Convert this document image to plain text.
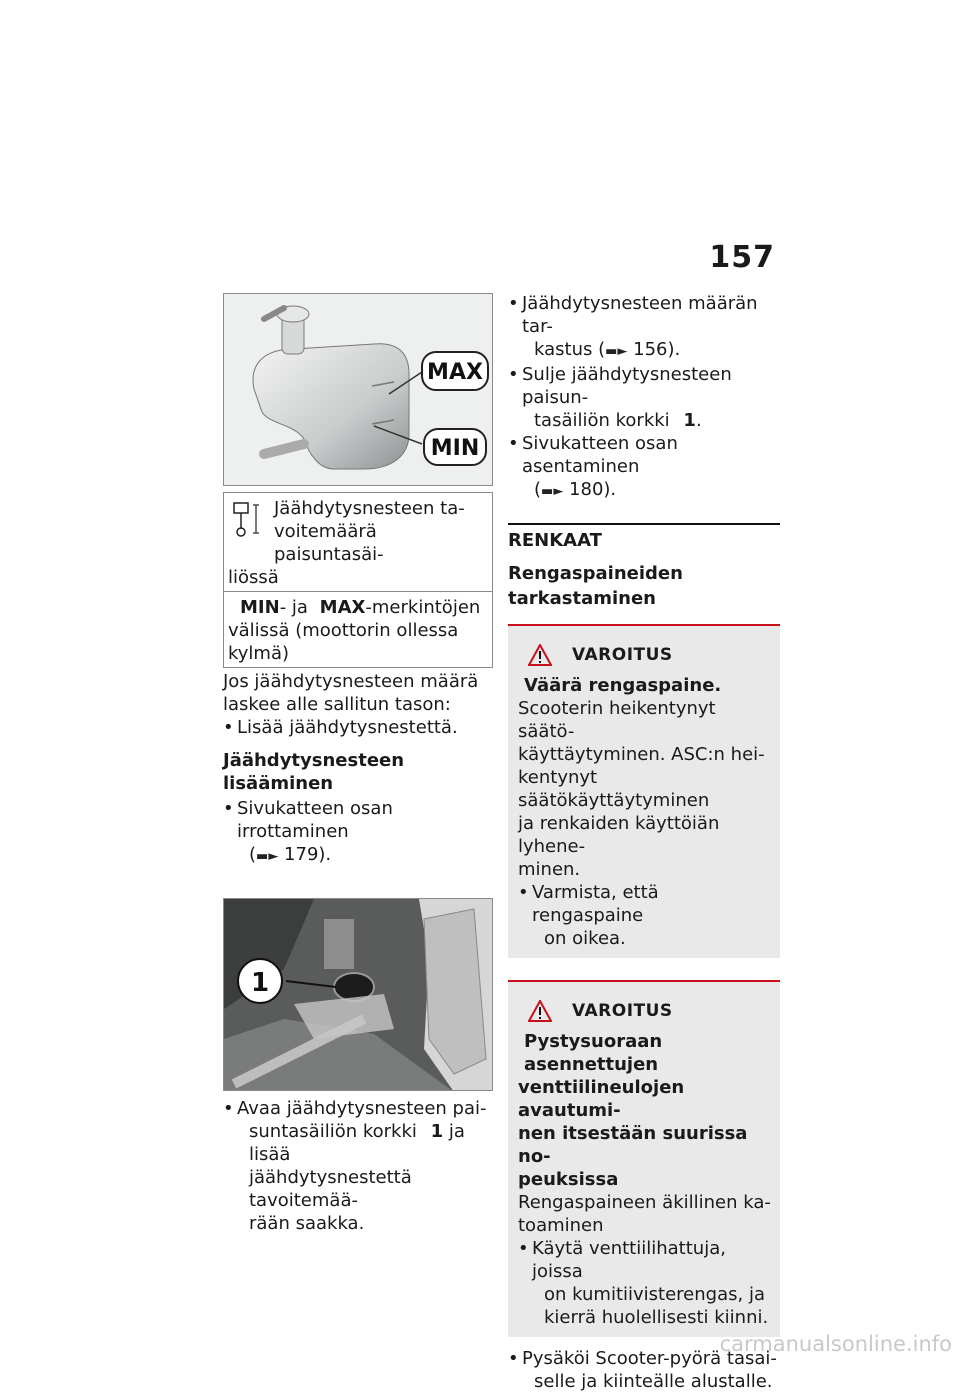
157
MAX
MIN

Jäähdytysnesteen ta-

voitemäärä paisuntasäi-

liössä

MIN- ja MAX-merkintöjen

välissä (moottorin ollessa

kylmä)

Jos jäähdytysnesteen määrä

laskee alle sallitun tason:

• Lisää jäähdytysnestettä.
Jäähdytysnesteen lisääminen
• Sivukatteen osan irrottaminen
(▬► 179).
1
• Avaa jäähdytysnesteen pai-
suntasäiliön korkki 1 ja lisää
jäähdytysnestettä tavoitemää-
rään saakka.
• Jäähdytysnesteen määrän tar-
kastus (▬► 156).
• Sulje jäähdytysnesteen paisun-
tasäiliön korkki 1.
• Sivukatteen osan asentaminen
(▬► 180).
RENKAAT
Rengaspaineiden
tarkastaminen
VAROITUS
Väärä rengaspaine.

Scooterin heikentynyt säätö-

käyttäytyminen. ASC:n hei-

kentynyt säätökäyttäytyminen

ja renkaiden käyttöiän lyhene-

minen.

• Varmista, että rengaspaine
on oikea.
VAROITUS
Pystysuoraan asennettujen
venttiilineulojen avautumi-
nen itsestään suurissa no-
peuksissa

Rengaspaineen äkillinen ka-

toaminen

• Käytä venttiilihattuja, joissa
on kumitiivisterengas, ja
kierrä huolellisesti kiinni.
• Pysäköi Scooter-pyörä tasai-
selle ja kiinteälle alustalle.
carmanualsonline.info
